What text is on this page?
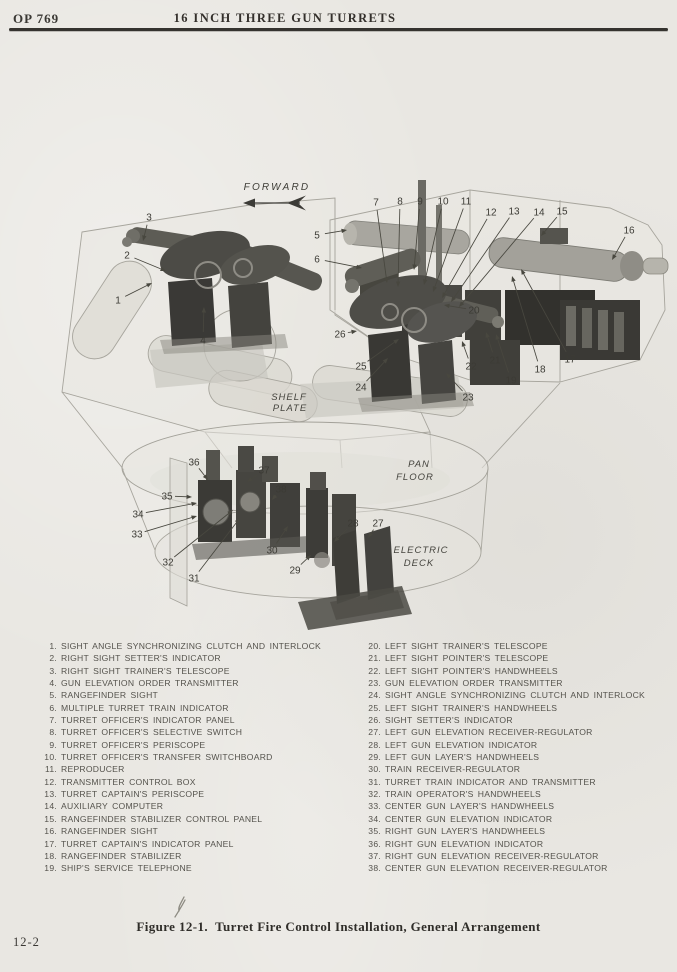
OP 769	16 INCH THREE GUN TURRETS
FORWARD
SHELF
PLATE
PAN
FLOOR
ELECTRIC
DECK
1
2
3
4
5
6
7 8 9 10 11
12 13 14 15
16
17
18
19
20
21
22
23
24
25
26
27
28
29
30
31
32
33
34
35
36
37
38
1. SIGHT ANGLE SYNCHRONIZING CLUTCH AND INTERLOCK
2. RIGHT SIGHT SETTER'S INDICATOR
3. RIGHT SIGHT TRAINER'S TELESCOPE
4. GUN ELEVATION ORDER TRANSMITTER
5. RANGEFINDER SIGHT
6. MULTIPLE TURRET TRAIN INDICATOR
7. TURRET OFFICER'S INDICATOR PANEL
8. TURRET OFFICER'S SELECTIVE SWITCH
9. TURRET OFFICER'S PERISCOPE
10. TURRET OFFICER'S TRANSFER SWITCHBOARD
11. REPRODUCER
12. TRANSMITTER CONTROL BOX
13. TURRET CAPTAIN'S PERISCOPE
14. AUXILIARY COMPUTER
15. RANGEFINDER STABILIZER CONTROL PANEL
16. RANGEFINDER SIGHT
17. TURRET CAPTAIN'S INDICATOR PANEL
18. RANGEFINDER STABILIZER
19. SHIP'S SERVICE TELEPHONE
20. LEFT SIGHT TRAINER'S TELESCOPE
21. LEFT SIGHT POINTER'S TELESCOPE
22. LEFT SIGHT POINTER'S HANDWHEELS
23. GUN ELEVATION ORDER TRANSMITTER
24. SIGHT ANGLE SYNCHRONIZING CLUTCH AND INTERLOCK
25. LEFT SIGHT TRAINER'S HANDWHEELS
26. SIGHT SETTER'S INDICATOR
27. LEFT GUN ELEVATION RECEIVER-REGULATOR
28. LEFT GUN ELEVATION INDICATOR
29. LEFT GUN LAYER'S HANDWHEELS
30. TRAIN RECEIVER-REGULATOR
31. TURRET TRAIN INDICATOR AND TRANSMITTER
32. TRAIN OPERATOR'S HANDWHEELS
33. CENTER GUN LAYER'S HANDWHEELS
34. CENTER GUN ELEVATION INDICATOR
35. RIGHT GUN LAYER'S HANDWHEELS
36. RIGHT GUN ELEVATION INDICATOR
37. RIGHT GUN ELEVATION RECEIVER-REGULATOR
38. CENTER GUN ELEVATION RECEIVER-REGULATOR
Figure 12-1.  Turret Fire Control Installation, General Arrangement
12-2
